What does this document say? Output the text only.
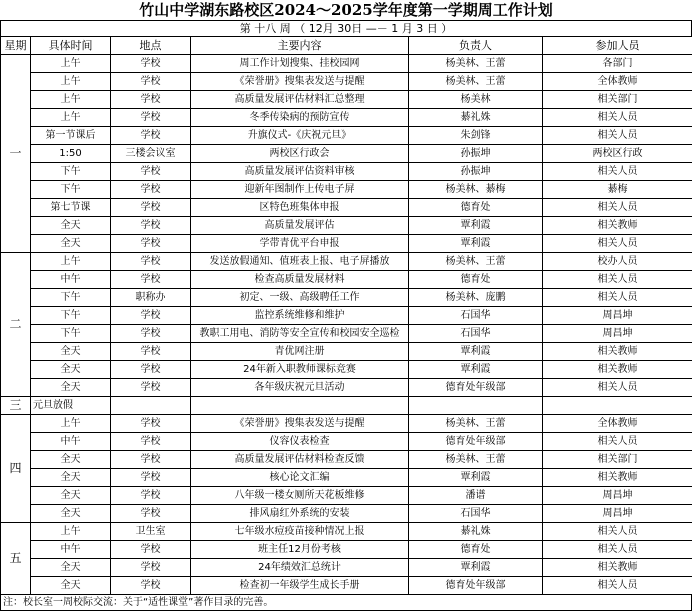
竹山中学湖东路校区2024～2025学年度第一学期周工作计划
第 十八 周 （ 12月 30日 —－ 1 月 3 日 ）
星期	具体时间	地点	主要内容	负责人	参加人员
一	上午	学校	周工作计划搜集、挂校园网	杨美林、王蕾	各部门
	上午	学校	《荣誉册》搜集表发送与提醒	杨美林、王蕾	全体教师
	上午	学校	高质量发展评估材料汇总整理	杨美林	相关部门
	上午	学校	冬季传染病的预防宣传	綦礼姝	相关人员
	第一节课后	学校	升旗仪式-《庆祝元旦》	朱剑锋	相关人员
	1:50	三楼会议室	两校区行政会	孙振坤	两校区行政
	下午	学校	高质量发展评估资料审核	孙振坤	相关人员
	下午	学校	迎新年图制作上传电子屏	杨美林、綦梅	綦梅
	第七节课	学校	区特色班集体申报	德育处	相关人员
	全天	学校	高质量发展评估	覃利霞	相关教师
	全天	学校	学带青优平台申报	覃利霞	相关人员
二	上午	学校	发送放假通知、值班表上报、电子屏播放	杨美林、王蕾	校办人员
	中午	学校	检查高质量发展材料	德育处	相关人员
	下午	职称办	初定、一级、高级聘任工作	杨美林、庞鹏	相关人员
	下午	学校	监控系统维修和维护	石国华	周昌坤
	下午	学校	教职工用电、消防等安全宣传和校园安全巡检	石国华	周昌坤
	全天	学校	青优网注册	覃利霞	相关教师
	全天	学校	24年新入职教师课标竞赛	覃利霞	相关教师
	全天	学校	各年级庆祝元旦活动	德育处年级部	相关人员
三	元旦放假				
四	上午	学校	《荣誉册》搜集表发送与提醒	杨美林、王蕾	全体教师
	中午	学校	仪容仪表检查	德育处年级部	相关人员
	全天	学校	高质量发展评估材料检查反馈	杨美林、王蕾	相关部门
	全天	学校	核心论文汇编	覃利霞	相关教师
	全天	学校	八年级一楼女厕所天花板维修	潘谱	周昌坤
	全天	学校	排风扇红外系统的安装	石国华	周昌坤
五	上午	卫生室	七年级水痘疫苗接种情况上报	綦礼姝	相关人员
	中午	学校	班主任12月份考核	德育处	相关人员
	全天	学校	24年绩效汇总统计	覃利霞	相关教师
	全天	学校	检查初一年级学生成长手册	德育处年级部	相关人员
注：校长室一周校际交流：关于“适性课堂”著作目录的完善。
